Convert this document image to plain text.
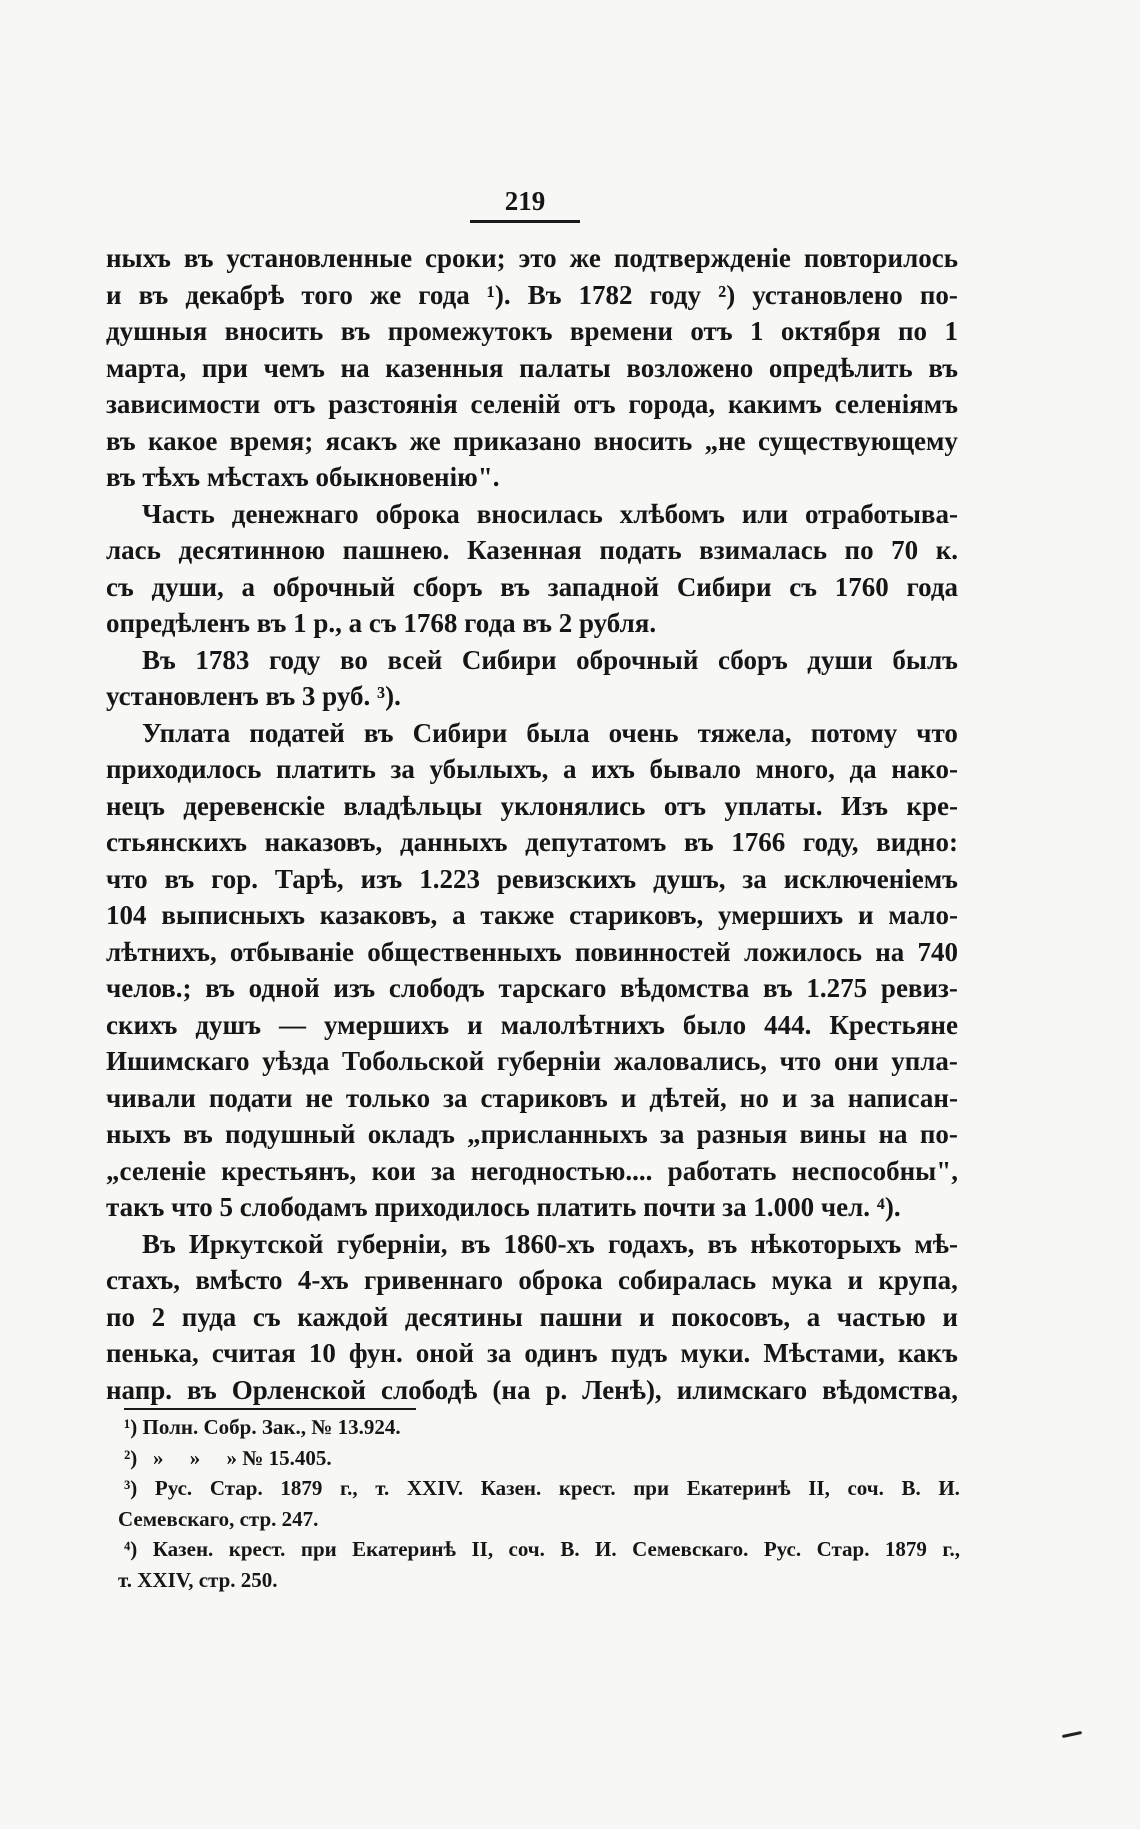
219
ныхъ въ установленные сроки; это же подтвержденіе повторилось
и въ декабрѣ того же года ¹). Въ 1782 году ²) установлено по-
душныя вносить въ промежутокъ времени отъ 1 октября по 1
марта, при чемъ на казенныя палаты возложено опредѣлить въ
зависимости отъ разстоянія селеній отъ города, какимъ селеніямъ
въ какое время; ясакъ же приказано вносить „не существующему
въ тѣхъ мѣстахъ обыкновенію".
Часть денежнаго оброка вносилась хлѣбомъ или отработыва-
лась десятинною пашнею. Казенная подать взималась по 70 к.
съ души, а оброчный сборъ въ западной Сибири съ 1760 года
опредѣленъ въ 1 р., а съ 1768 года въ 2 рубля.
Въ 1783 году во всей Сибири оброчный сборъ души былъ
установленъ въ 3 руб. ³).
Уплата податей въ Сибири была очень тяжела, потому что
приходилось платить за убылыхъ, а ихъ бывало много, да нако-
нецъ деревенскіе владѣльцы уклонялись отъ уплаты. Изъ кре-
стьянскихъ наказовъ, данныхъ депутатомъ въ 1766 году, видно:
что въ гор. Тарѣ, изъ 1.223 ревизскихъ душъ, за исключеніемъ
104 выписныхъ казаковъ, а также стариковъ, умершихъ и мало-
лѣтнихъ, отбываніе общественныхъ повинностей ложилось на 740
челов.; въ одной изъ слободъ тарскаго вѣдомства въ 1.275 ревиз-
скихъ душъ — умершихъ и малолѣтнихъ было 444. Крестьяне
Ишимскаго уѣзда Тобольской губерніи жаловались, что они упла-
чивали подати не только за стариковъ и дѣтей, но и за написан-
ныхъ въ подушный окладъ „присланныхъ за разныя вины на по-
„селеніе крестьянъ, кои за негодностью.... работать неспособны",
такъ что 5 слободамъ приходилось платить почти за 1.000 чел. ⁴).
Въ Иркутской губерніи, въ 1860-хъ годахъ, въ нѣкоторыхъ мѣ-
стахъ, вмѣсто 4-хъ гривеннаго оброка собиралась мука и крупа,
по 2 пуда съ каждой десятины пашни и покосовъ, а частью и
пенька, считая 10 фун. оной за одинъ пудъ муки. Мѣстами, какъ
напр. въ Орленской слободѣ (на р. Ленѣ), илимскаго вѣдомства,
¹) Полн. Собр. Зак., № 13.924.
²)   »     »     » № 15.405.
³) Рус. Стар. 1879 г., т. XXIV. Казен. крест. при Екатеринѣ II, соч. В. И.
Семевскаго, стр. 247.
⁴) Казен. крест. при Екатеринѣ II, соч. В. И. Семевскаго. Рус. Стар. 1879 г.,
т. XXIV, стр. 250.
